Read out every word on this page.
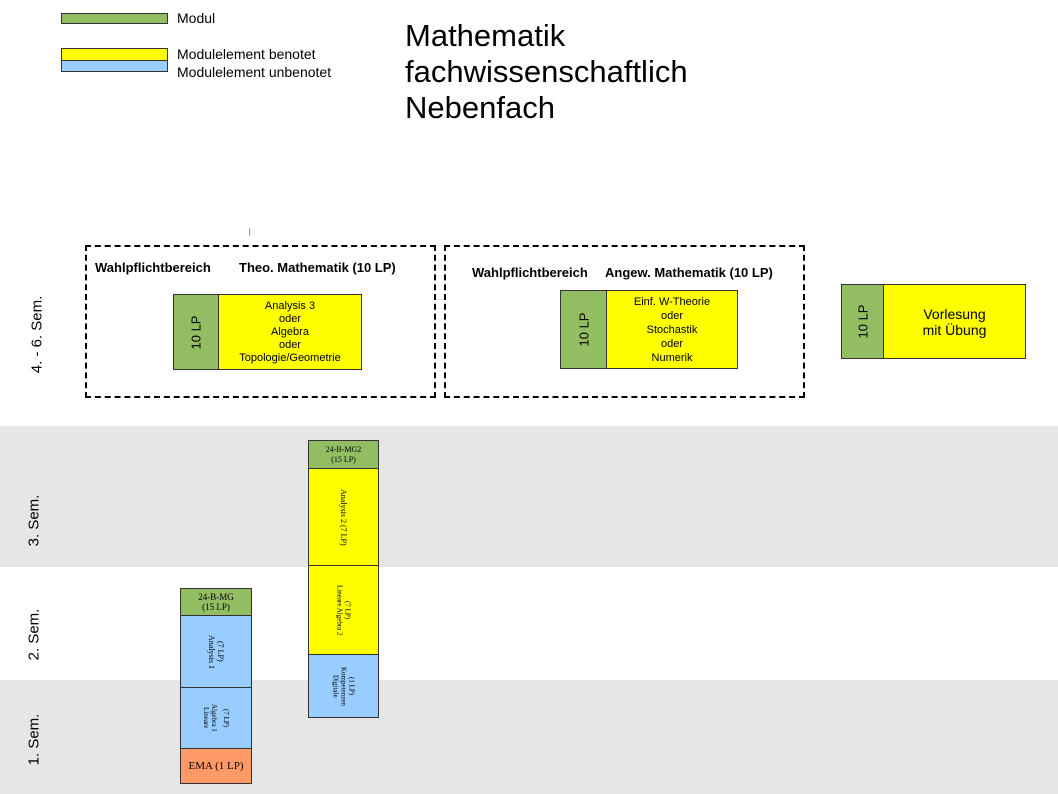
Modul
Modulelement benotet
Modulelement unbenotet
Mathematik
fachwissenschaftlich
Nebenfach
4. - 6. Sem.
3. Sem.
2. Sem.
1. Sem.
Wahlpflichtbereich Theo. Mathematik (10 LP)
10 LP
Analysis 3
oder
Algebra
oder
Topologie/Geometrie
Wahlpflichtbereich Angew. Mathematik (10 LP)
10 LP
Einf. W-Theorie
oder
Stochastik
oder
Numerik
10 LP	Vorlesung
mit Übung
24-B-MG2
(15 LP)
Analysis 2 (7 LP)
Lineare Algebra 2 (7 LP)
Digitale Kompetenzen (1 LP)
24-B-MG
(15 LP)
Analysis 1 (7 LP)
Lineare Algebra 1 (7 LP)
EMA (1 LP)
